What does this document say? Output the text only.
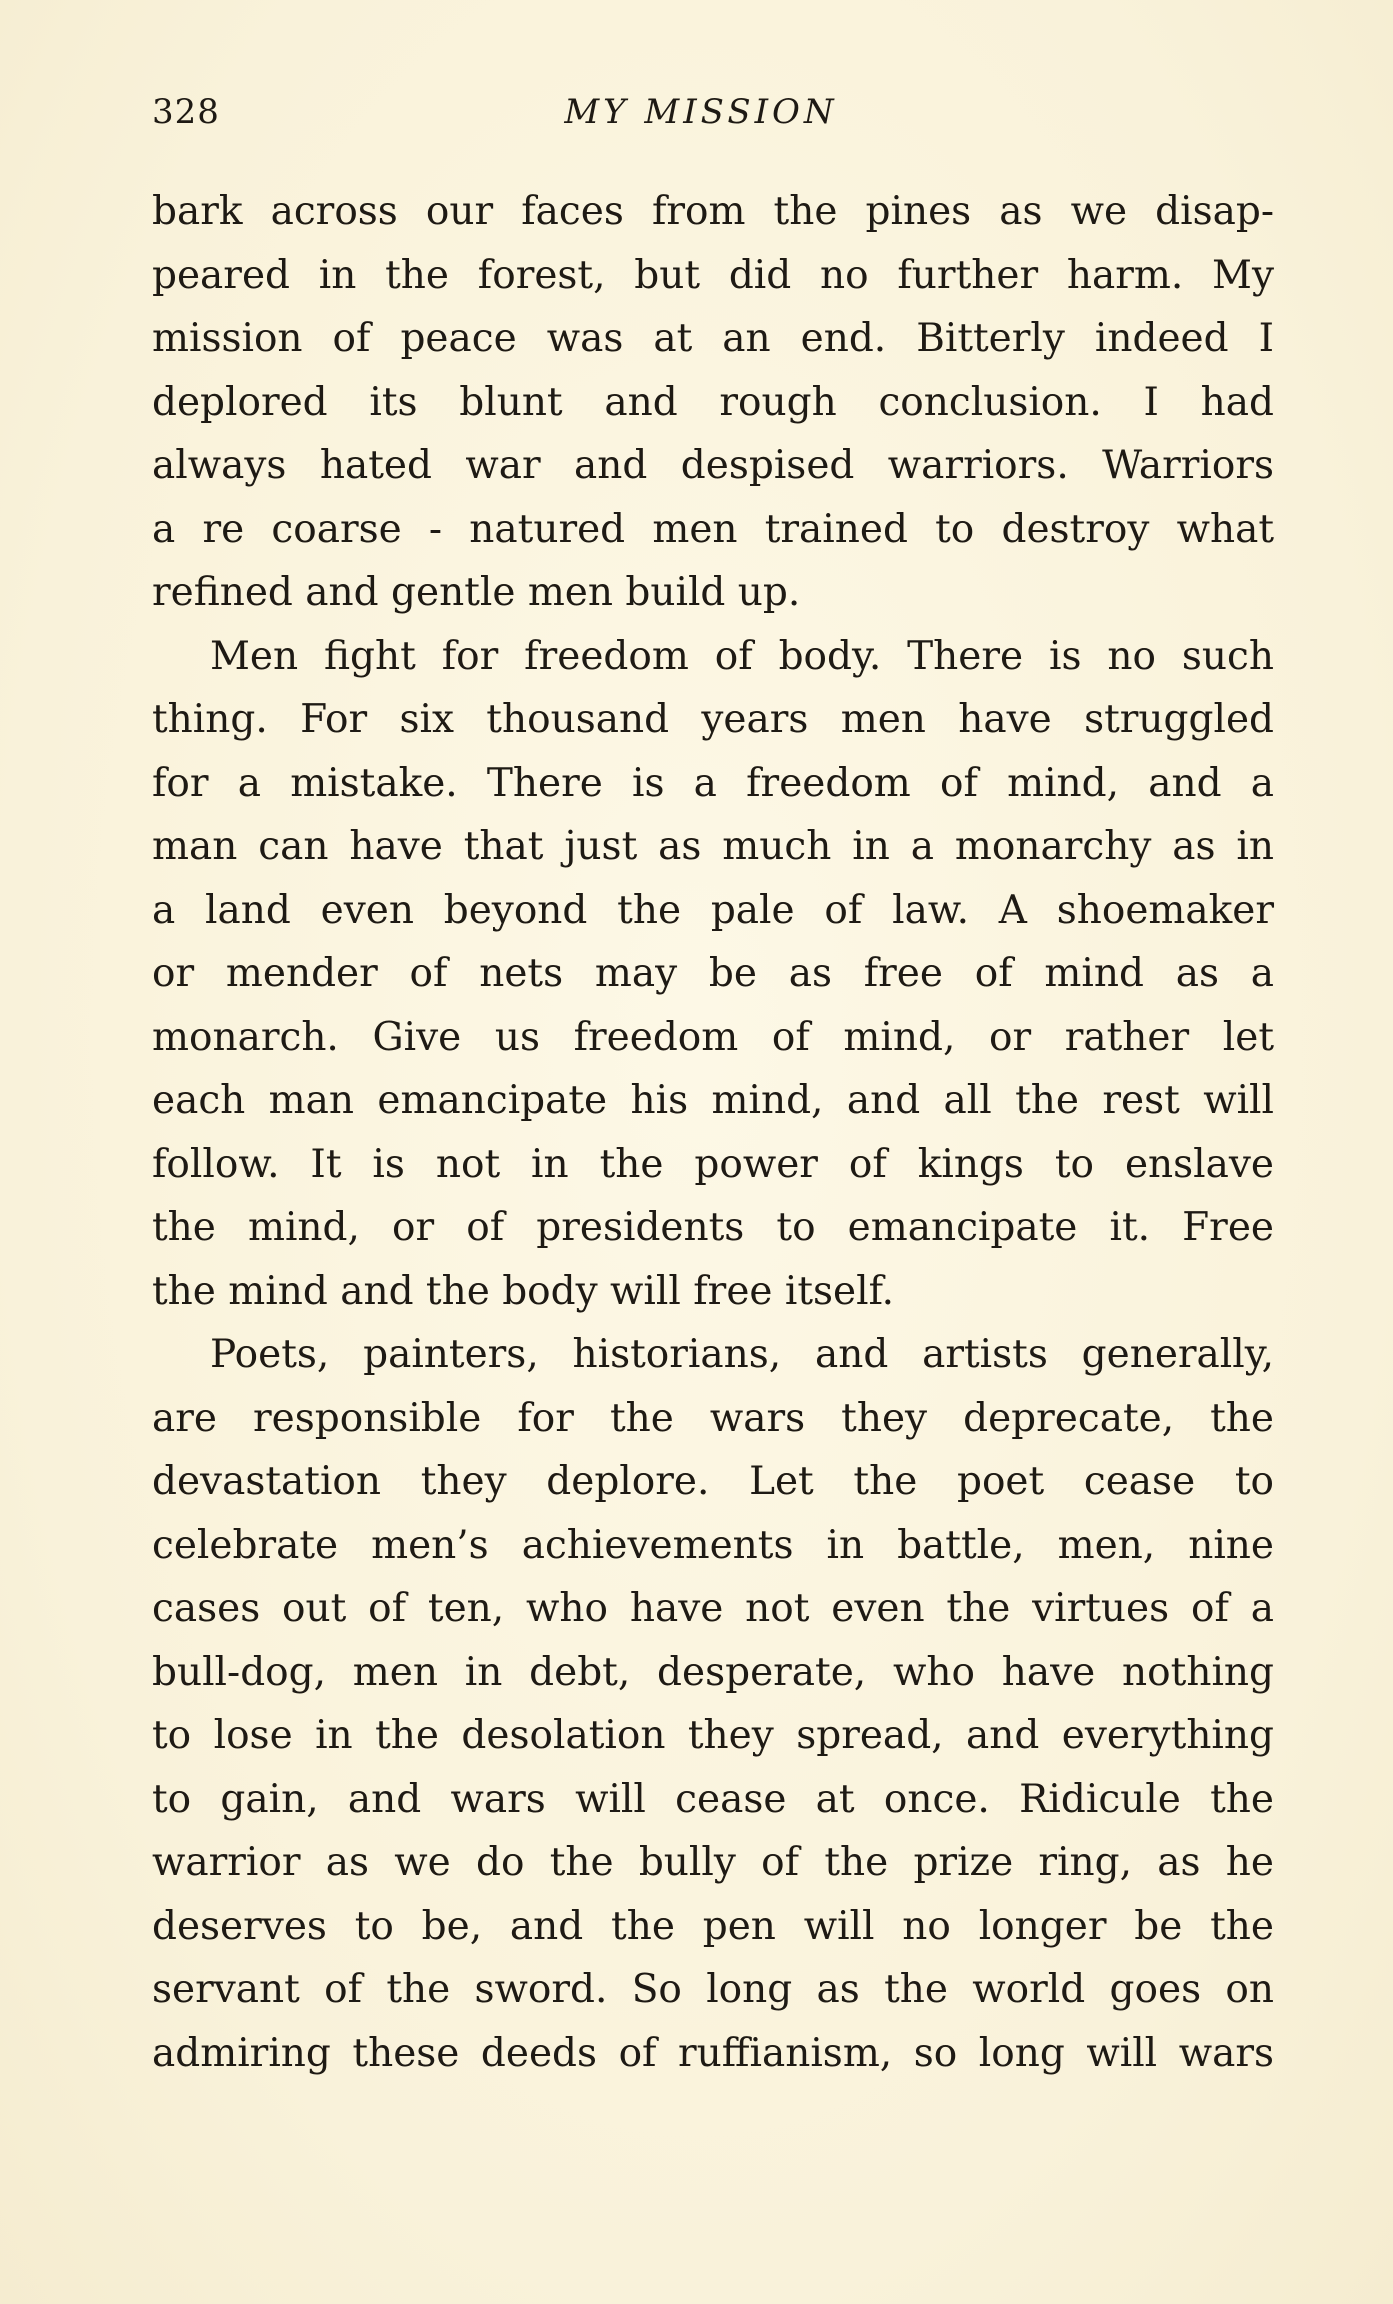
328	MY MISSION
bark across our faces from the pines as we disap-
peared in the forest, but did no further harm. My
mission of peace was at an end. Bitterly indeed I
deplored its blunt and rough conclusion. I had
always hated war and despised warriors. Warriors
a re coarse - natured men trained to destroy what
refined and gentle men build up.
Men fight for freedom of body. There is no such
thing. For six thousand years men have struggled
for a mistake. There is a freedom of mind, and a
man can have that just as much in a monarchy as in
a land even beyond the pale of law. A shoemaker
or mender of nets may be as free of mind as a
monarch. Give us freedom of mind, or rather let
each man emancipate his mind, and all the rest will
follow. It is not in the power of kings to enslave
the mind, or of presidents to emancipate it. Free
the mind and the body will free itself.
Poets, painters, historians, and artists generally,
are responsible for the wars they deprecate, the
devastation they deplore. Let the poet cease to
celebrate men’s achievements in battle, men, nine
cases out of ten, who have not even the virtues of a
bull-dog, men in debt, desperate, who have nothing
to lose in the desolation they spread, and everything
to gain, and wars will cease at once. Ridicule the
warrior as we do the bully of the prize ring, as he
deserves to be, and the pen will no longer be the
servant of the sword. So long as the world goes on
admiring these deeds of ruffianism, so long will wars
